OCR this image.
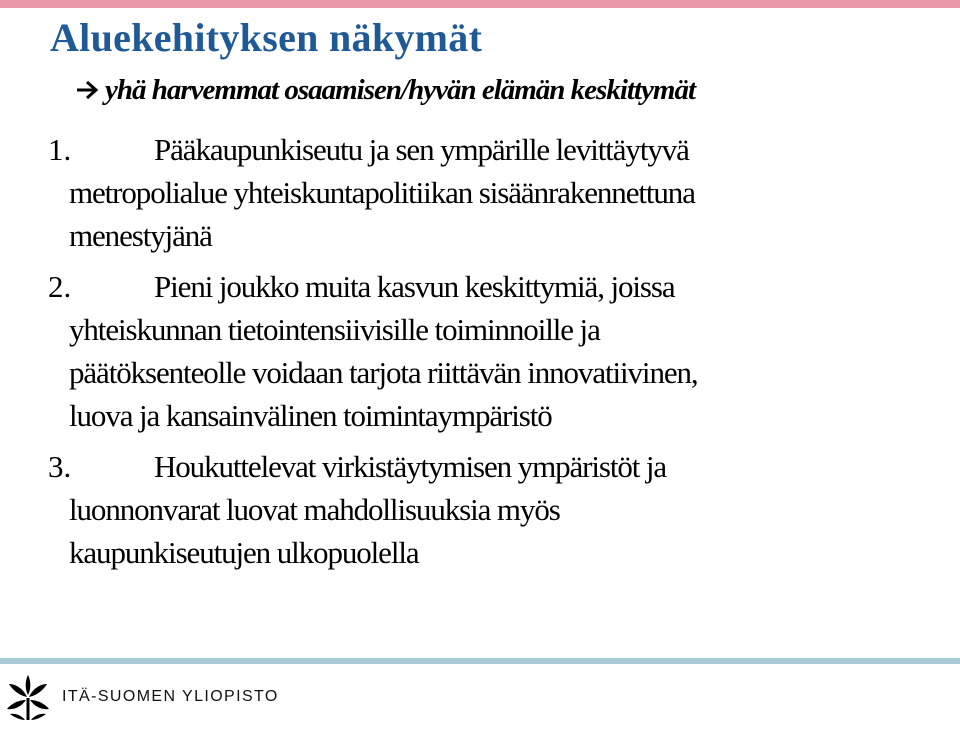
Aluekehityksen näkymät
yhä harvemmat osaamisen/hyvän elämän keskittymät
1.	Pääkaupunkiseutu ja sen ympärille levittäytyvä
metropolialue yhteiskuntapolitiikan sisäänrakennettuna
menestyjänä
2.	Pieni joukko muita kasvun keskittymiä, joissa
yhteiskunnan tietointensiivisille toiminnoille ja
päätöksenteolle voidaan tarjota riittävän innovatiivinen,
luova ja kansainvälinen toimintaympäristö
3.	Houkuttelevat virkistäytymisen ympäristöt ja
luonnonvarat luovat mahdollisuuksia myös
kaupunkiseutujen ulkopuolella
ITÄ-SUOMEN YLIOPISTO
